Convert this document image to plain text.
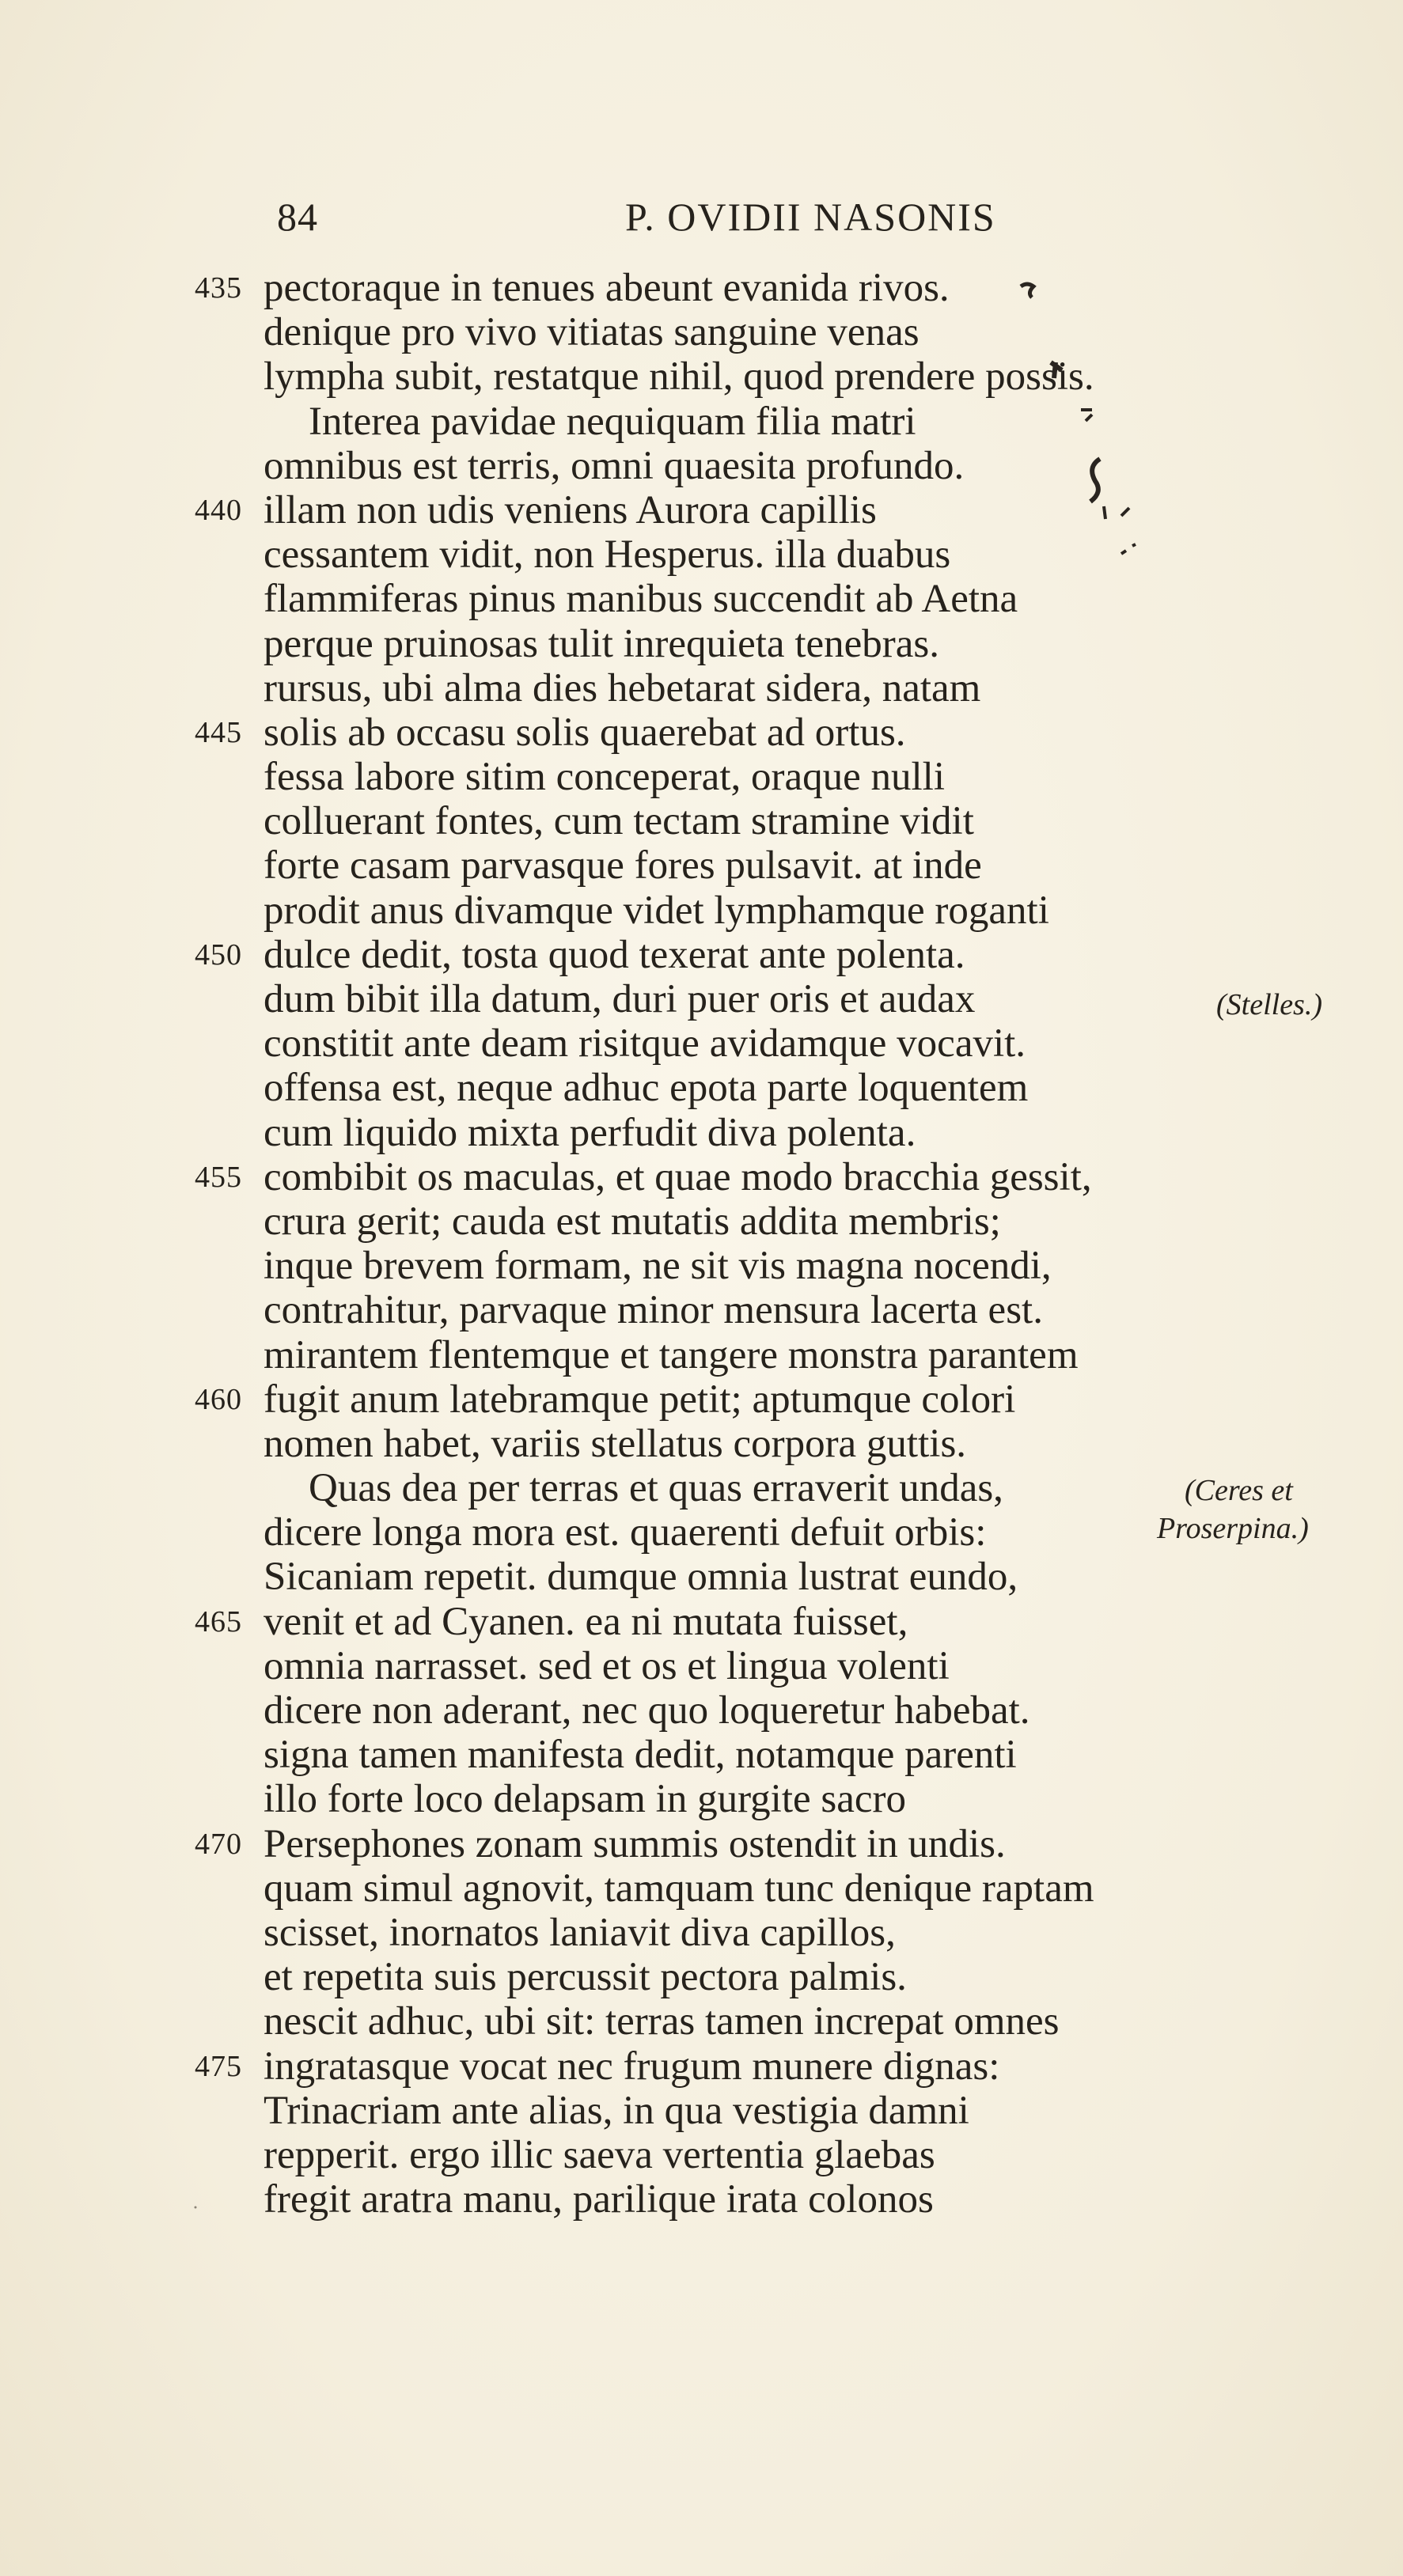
84	P. OVIDII NASONIS
435 pectoraque in tenues abeunt evanida rivos.
denique pro vivo vitiatas sanguine venas
lympha subit, restatque nihil, quod prendere possis.
Interea pavidae nequiquam filia matri
omnibus est terris, omni quaesita profundo.
440 illam non udis veniens Aurora capillis
cessantem vidit, non Hesperus. illa duabus
flammiferas pinus manibus succendit ab Aetna
perque pruinosas tulit inrequieta tenebras.
rursus, ubi alma dies hebetarat sidera, natam
445 solis ab occasu solis quaerebat ad ortus.
fessa labore sitim conceperat, oraque nulli
colluerant fontes, cum tectam stramine vidit
forte casam parvasque fores pulsavit. at inde
prodit anus divamque videt lymphamque roganti
450 dulce dedit, tosta quod texerat ante polenta.
dum bibit illa datum, duri puer oris et audax
constitit ante deam risitque avidamque vocavit.
offensa est, neque adhuc epota parte loquentem
cum liquido mixta perfudit diva polenta.
455 combibit os maculas, et quae modo bracchia gessit,
crura gerit; cauda est mutatis addita membris;
inque brevem formam, ne sit vis magna nocendi,
contrahitur, parvaque minor mensura lacerta est.
mirantem flentemque et tangere monstra parantem
460 fugit anum latebramque petit; aptumque colori
nomen habet, variis stellatus corpora guttis.
Quas dea per terras et quas erraverit undas,
dicere longa mora est. quaerenti defuit orbis:
Sicaniam repetit. dumque omnia lustrat eundo,
465 venit et ad Cyanen. ea ni mutata fuisset,
omnia narrasset. sed et os et lingua volenti
dicere non aderant, nec quo loqueretur habebat.
signa tamen manifesta dedit, notamque parenti
illo forte loco delapsam in gurgite sacro
470 Persephones zonam summis ostendit in undis.
quam simul agnovit, tamquam tunc denique raptam
scisset, inornatos laniavit diva capillos,
et repetita suis percussit pectora palmis.
nescit adhuc, ubi sit: terras tamen increpat omnes
475 ingratasque vocat nec frugum munere dignas:
Trinacriam ante alias, in qua vestigia damni
repperit. ergo illic saeva vertentia glaebas
fregit aratra manu, parilique irata colonos
(Stelles.)
(Ceres et
Proserpina.)
